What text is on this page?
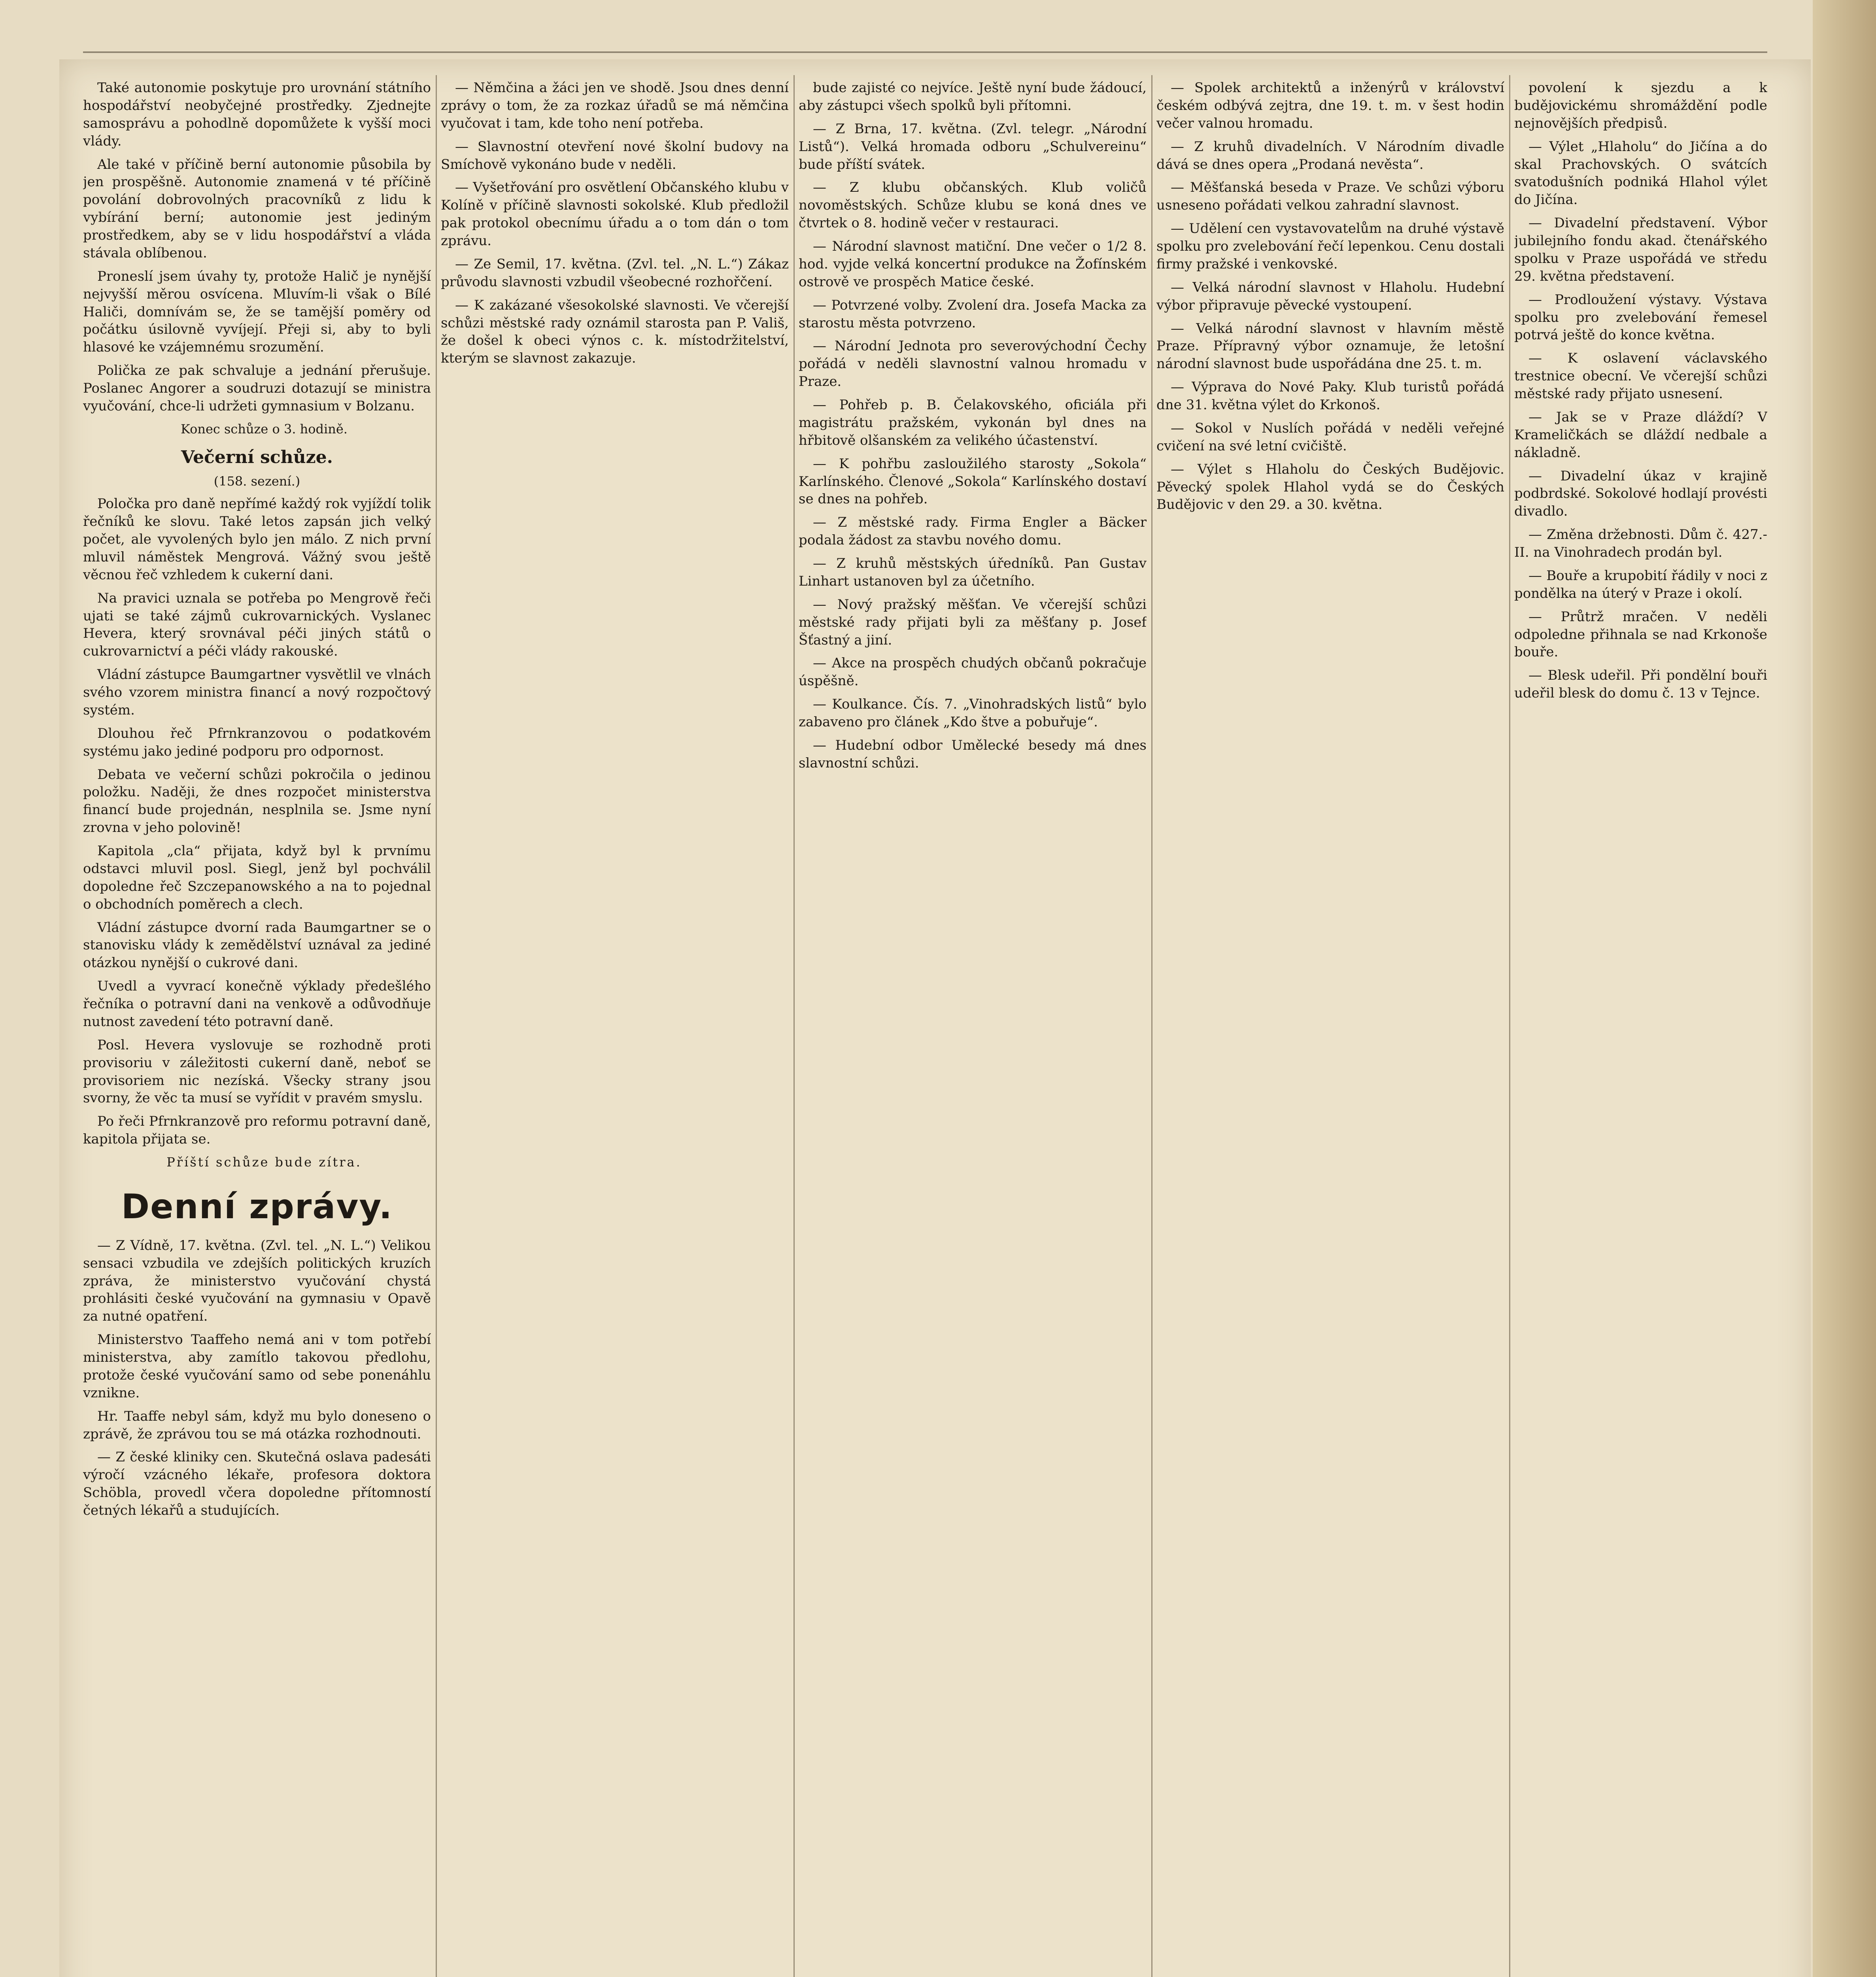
Také autonomie poskytuje pro urovnání státního hospodářství neobyčejné prostředky. Zjednejte samosprávu a pohodlně dopomůžete k vyšší moci vlády.

Ale také v příčině berní autonomie působila by jen prospěšně. Autonomie znamená v té příčině povolání dobrovolných pracovníků z lidu k vybírání berní; autonomie jest jediným prostředkem, aby se v lidu hospodářství a vláda stávala oblíbenou.

Proneslí jsem úvahy ty, protože Halič je nynější nejvyšší měrou osvícena. Mluvím-li však o Bílé Haliči, domnívám se, že se tamější poměry od počátku úsilovně vyvíjejí. Přeji si, aby to byli hlasové ke vzájemnému srozumění.

Polička ze pak schvaluje a jednání přerušuje. Poslanec Angorer a soudruzi dotazují se ministra vyučování, chce-li udržeti gymnasium v Bolzanu.

Konec schůze o 3. hodině.

Večerní schůze.
(158. sezení.)

Poločka pro daně nepřímé každý rok vyjíždí tolik řečníků ke slovu. Také letos zapsán jich velký počet, ale vyvolených bylo jen málo. Z nich první mluvil náměstek Mengrová. Vážný svou ještě věcnou řeč vzhledem k cukerní dani.

Na pravici uznala se potřeba po Mengrově řeči ujati se také zájmů cukrovarnických. Vyslanec Hevera, který srovnával péči jiných států o cukrovarnictví a péči vlády rakouské.

Vládní zástupce Baumgartner vysvětlil ve vlnách svého vzorem ministra financí a nový rozpočtový systém.

Dlouhou řeč Pfrnkranzovou o podatkovém systému jako jediné podporu pro odpornost.

Debata ve večerní schůzi pokročila o jedinou položku. Naději, že dnes rozpočet ministerstva financí bude projednán, nesplnila se. Jsme nyní zrovna v jeho polovině!

Kapitola „cla“ přijata, když byl k prvnímu odstavci mluvil posl. Siegl, jenž byl pochválil dopoledne řeč Szczepanowského a na to pojednal o obchodních poměrech a clech.

Vládní zástupce dvorní rada Baumgartner se o stanovisku vlády k zemědělství uznával za jediné otázkou nynější o cukrové dani.

Uvedl a vyvrací konečně výklady předešlého řečníka o potravní dani na venkově a odůvodňuje nutnost zavedení této potravní daně.

Posl. Hevera vyslovuje se rozhodně proti provisoriu v záležitosti cukerní daně, neboť se provisoriem nic nezíská. Všecky strany jsou svorny, že věc ta musí se vyřídit v pravém smyslu.

Po řeči Pfrnkranzově pro reformu potravní daně, kapitola přijata se.

Příští schůze bude zítra.

Denní zprávy.

— Z Vídně, 17. května. (Zvl. tel. „N. L.“) Velikou sensaci vzbudila ve zdejších politických kruzích zpráva, že ministerstvo vyučování chystá prohlásiti české vyučování na gymnasiu v Opavě za nutné opatření.

Ministerstvo Taaffeho nemá ani v tom potřebí ministerstva, aby zamítlo takovou předlohu, protože české vyučování samo od sebe ponenáhlu vznikne.

Hr. Taaffe nebyl sám, když mu bylo doneseno o zprávě, že zprávou tou se má otázka rozhodnouti.

— Z české kliniky cen. Skutečná oslava padesáti výročí vzácného lékaře, profesora doktora Schöbla, provedl včera dopoledne přítomností četných lékařů a studujících.

— Němčina a žáci jen ve shodě. Jsou dnes denní zprávy o tom, že za rozkaz úřadů se má němčina vyučovat i tam, kde toho není potřeba.

— Slavnostní otevření nové školní budovy na Smíchově vykonáno bude v neděli.

— Vyšetřování pro osvětlení Občanského klubu v Kolíně v příčině slavnosti sokolské. Klub předložil pak protokol obecnímu úřadu a o tom dán o tom zprávu.

— Ze Semil, 17. května. (Zvl. tel. „N. L.“) Zákaz průvodu slavnosti vzbudil všeobecné rozhořčení.

— K zakázané všesokolské slavnosti. Ve včerejší schůzi městské rady oznámil starosta pan P. Vališ, že došel k obeci výnos c. k. místodržitelství, kterým se slavnost zakazuje.

bude zajisté co nejvíce. Ještě nyní bude žádoucí, aby zástupci všech spolků byli přítomni.

— Z Brna, 17. května. (Zvl. telegr. „Národní Listů“). Velká hromada odboru „Schulvereinu“ bude příští svátek.

— Z klubu občanských. Klub voličů novoměstských. Schůze klubu se koná dnes ve čtvrtek o 8. hodině večer v restauraci.

— Národní slavnost matiční. Dne večer o 1/2 8. hod. vyjde velká koncertní produkce na Žofínském ostrově ve prospěch Matice české.

— Potvrzené volby. Zvolení dra. Josefa Macka za starostu města potvrzeno.

— Národní Jednota pro severovýchodní Čechy pořádá v neděli slavnostní valnou hromadu v Praze.

— Pohřeb p. B. Čelakovského, oficiála při magistrátu pražském, vykonán byl dnes na hřbitově olšanském za velikého účastenství.

— K pohřbu zasloužilého starosty „Sokola“ Karlínského. Členové „Sokola“ Karlínského dostaví se dnes na pohřeb.

— Z městské rady. Firma Engler a Bäcker podala žádost za stavbu nového domu.

— Z kruhů městských úředníků. Pan Gustav Linhart ustanoven byl za účetního.

— Nový pražský měšťan. Ve včerejší schůzi městské rady přijati byli za měšťany p. Josef Šťastný a jiní.

— Akce na prospěch chudých občanů pokračuje úspěšně.

— Koulkance. Čís. 7. „Vinohradských listů“ bylo zabaveno pro článek „Kdo štve a pobuřuje“.

— Hudební odbor Umělecké besedy má dnes slavnostní schůzi.

— Spolek architektů a inženýrů v království českém odbývá zejtra, dne 19. t. m. v šest hodin večer valnou hromadu.

— Z kruhů divadelních. V Národním divadle dává se dnes opera „Prodaná nevěsta“.

— Měšťanská beseda v Praze. Ve schůzi výboru usneseno pořádati velkou zahradní slavnost.

— Udělení cen vystavovatelům na druhé výstavě spolku pro zvelebování řečí lepenkou. Cenu dostali firmy pražské i venkovské.

— Velká národní slavnost v Hlaholu. Hudební výbor připravuje pěvecké vystoupení.

— Velká národní slavnost v hlavním městě Praze. Přípravný výbor oznamuje, že letošní národní slavnost bude uspořádána dne 25. t. m.

— Výprava do Nové Paky. Klub turistů pořádá dne 31. května výlet do Krkonoš.

— Sokol v Nuslích pořádá v neděli veřejné cvičení na své letní cvičiště.

— Výlet s Hlaholu do Českých Budějovic. Pěvecký spolek Hlahol vydá se do Českých Budějovic v den 29. a 30. května.

povolení k sjezdu a k budějovickému shromáždění podle nejnovějších předpisů.

— Výlet „Hlaholu“ do Jičína a do skal Prachovských. O svátcích svatodušních podniká Hlahol výlet do Jičína.

— Divadelní představení. Výbor jubilejního fondu akad. čtenářského spolku v Praze uspořádá ve středu 29. května představení.

— Prodloužení výstavy. Výstava spolku pro zvelebování řemesel potrvá ještě do konce května.

— K oslavení václavského trestnice obecní. Ve včerejší schůzi městské rady přijato usnesení.

— Jak se v Praze dláždí? V Krameličkách se dláždí nedbale a nákladně.

— Divadelní úkaz v krajině podbrdské. Sokolové hodlají provésti divadlo.

— Změna držebnosti. Dům č. 427.-II. na Vinohradech prodán byl.

— Bouře a krupobití řádily v noci z pondělka na úterý v Praze i okolí.

— Průtrž mračen. V neděli odpoledne přihnala se nad Krkonoše bouře.

— Blesk udeřil. Při pondělní bouři udeřil blesk do domu č. 13 v Tejnce.
